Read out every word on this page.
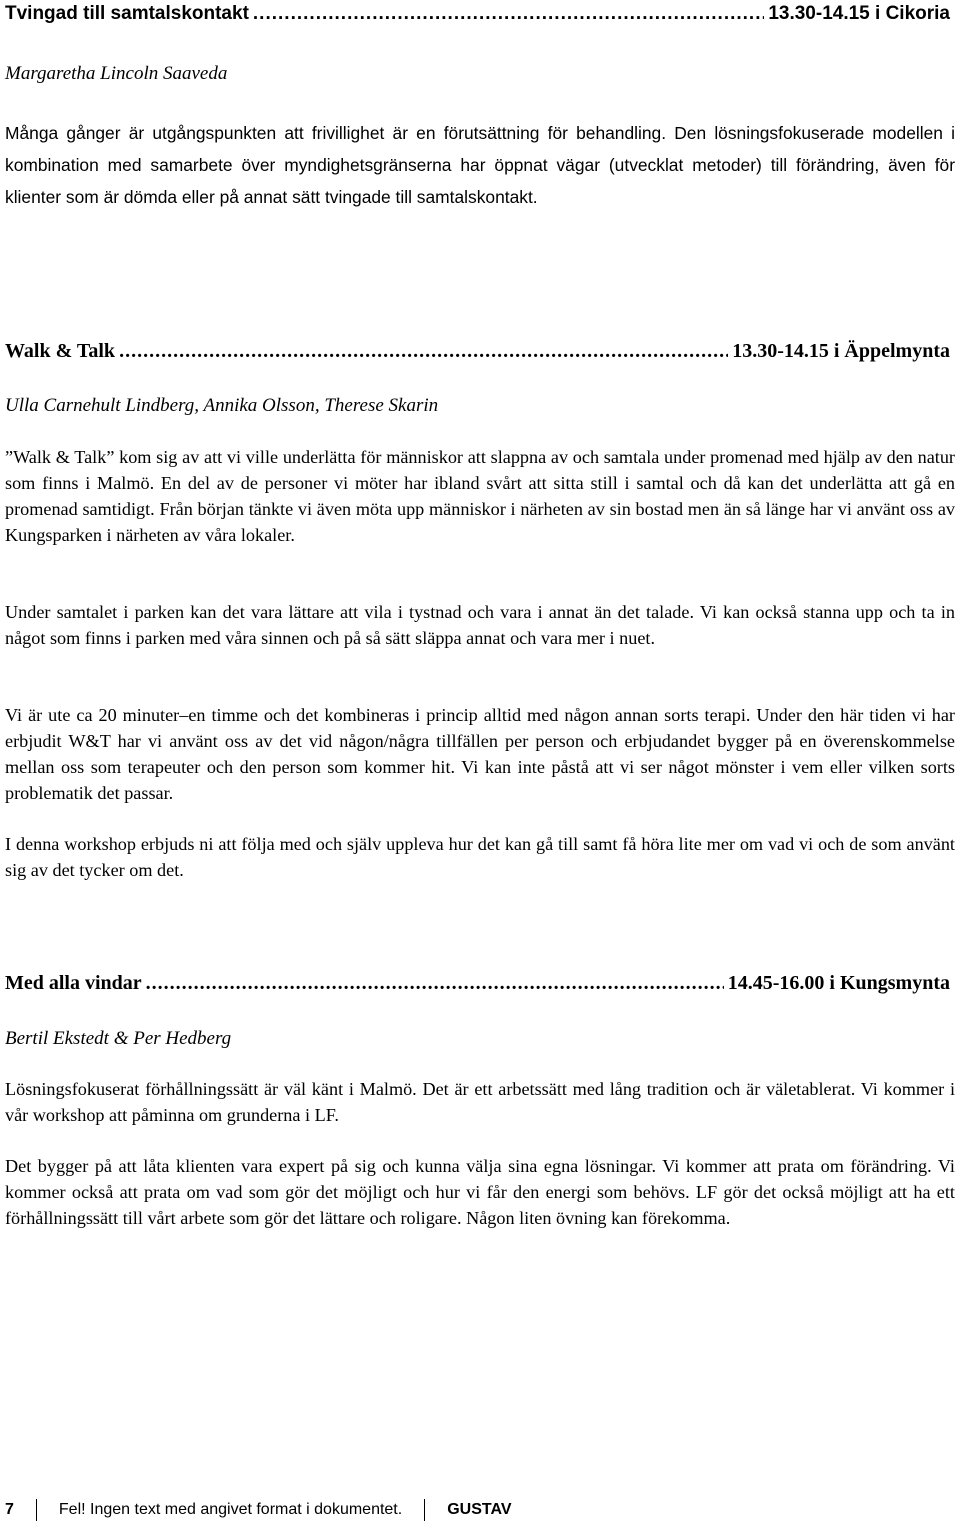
Tvingad till samtalskontakt .....	13.30-14.15 i Cikoria
Margaretha Lincoln Saaveda

Många gånger är utgångspunkten att frivillighet är en förutsättning för behandling. Den lösningsfokuserade modellen i kombination med samarbete över myndighetsgränserna har öppnat vägar (utvecklat metoder) till förändring, även för klienter som är dömda eller på annat sätt tvingade till samtalskontakt.

Walk & Talk .....	13.30-14.15 i Äppelmynta
Ulla Carnehult Lindberg, Annika Olsson, Therese Skarin

”Walk & Talk” kom sig av att vi ville underlätta för människor att slappna av och samtala under promenad med hjälp av den natur som finns i Malmö. En del av de personer vi möter har ibland svårt att sitta still i samtal och då kan det underlätta att gå en promenad samtidigt. Från början tänkte vi även möta upp människor i närheten av sin bostad men än så länge har vi använt oss av Kungsparken i närheten av våra lokaler.

Under samtalet i parken kan det vara lättare att vila i tystnad och vara i annat än det talade. Vi kan också stanna upp och ta in något som finns i parken med våra sinnen och på så sätt släppa annat och vara mer i nuet.

Vi är ute ca 20 minuter–en timme och det kombineras i princip alltid med någon annan sorts terapi. Under den här tiden vi har erbjudit W&T har vi använt oss av det vid någon/några tillfällen per person och erbjudandet bygger på en överenskommelse mellan oss som terapeuter och den person som kommer hit. Vi kan inte påstå att vi ser något mönster i vem eller vilken sorts problematik det passar.

I denna workshop erbjuds ni att följa med och själv uppleva hur det kan gå till samt få höra lite mer om vad vi och de som använt sig av det tycker om det.

Med alla vindar .....	14.45-16.00 i Kungsmynta
Bertil Ekstedt & Per Hedberg

Lösningsfokuserat förhållningssätt är väl känt i Malmö. Det är ett arbetssätt med lång tradition och är väletablerat. Vi kommer i vår workshop att påminna om grunderna i LF.

Det bygger på att låta klienten vara expert på sig och kunna välja sina egna lösningar. Vi kommer att prata om förändring. Vi kommer också att prata om vad som gör det möjligt och hur vi får den energi som behövs. LF gör det också möjligt att ha ett förhållningssätt till vårt arbete som gör det lättare och roligare. Någon liten övning kan förekomma.

7	Fel! Ingen text med angivet format i dokumentet.	GUSTAV
